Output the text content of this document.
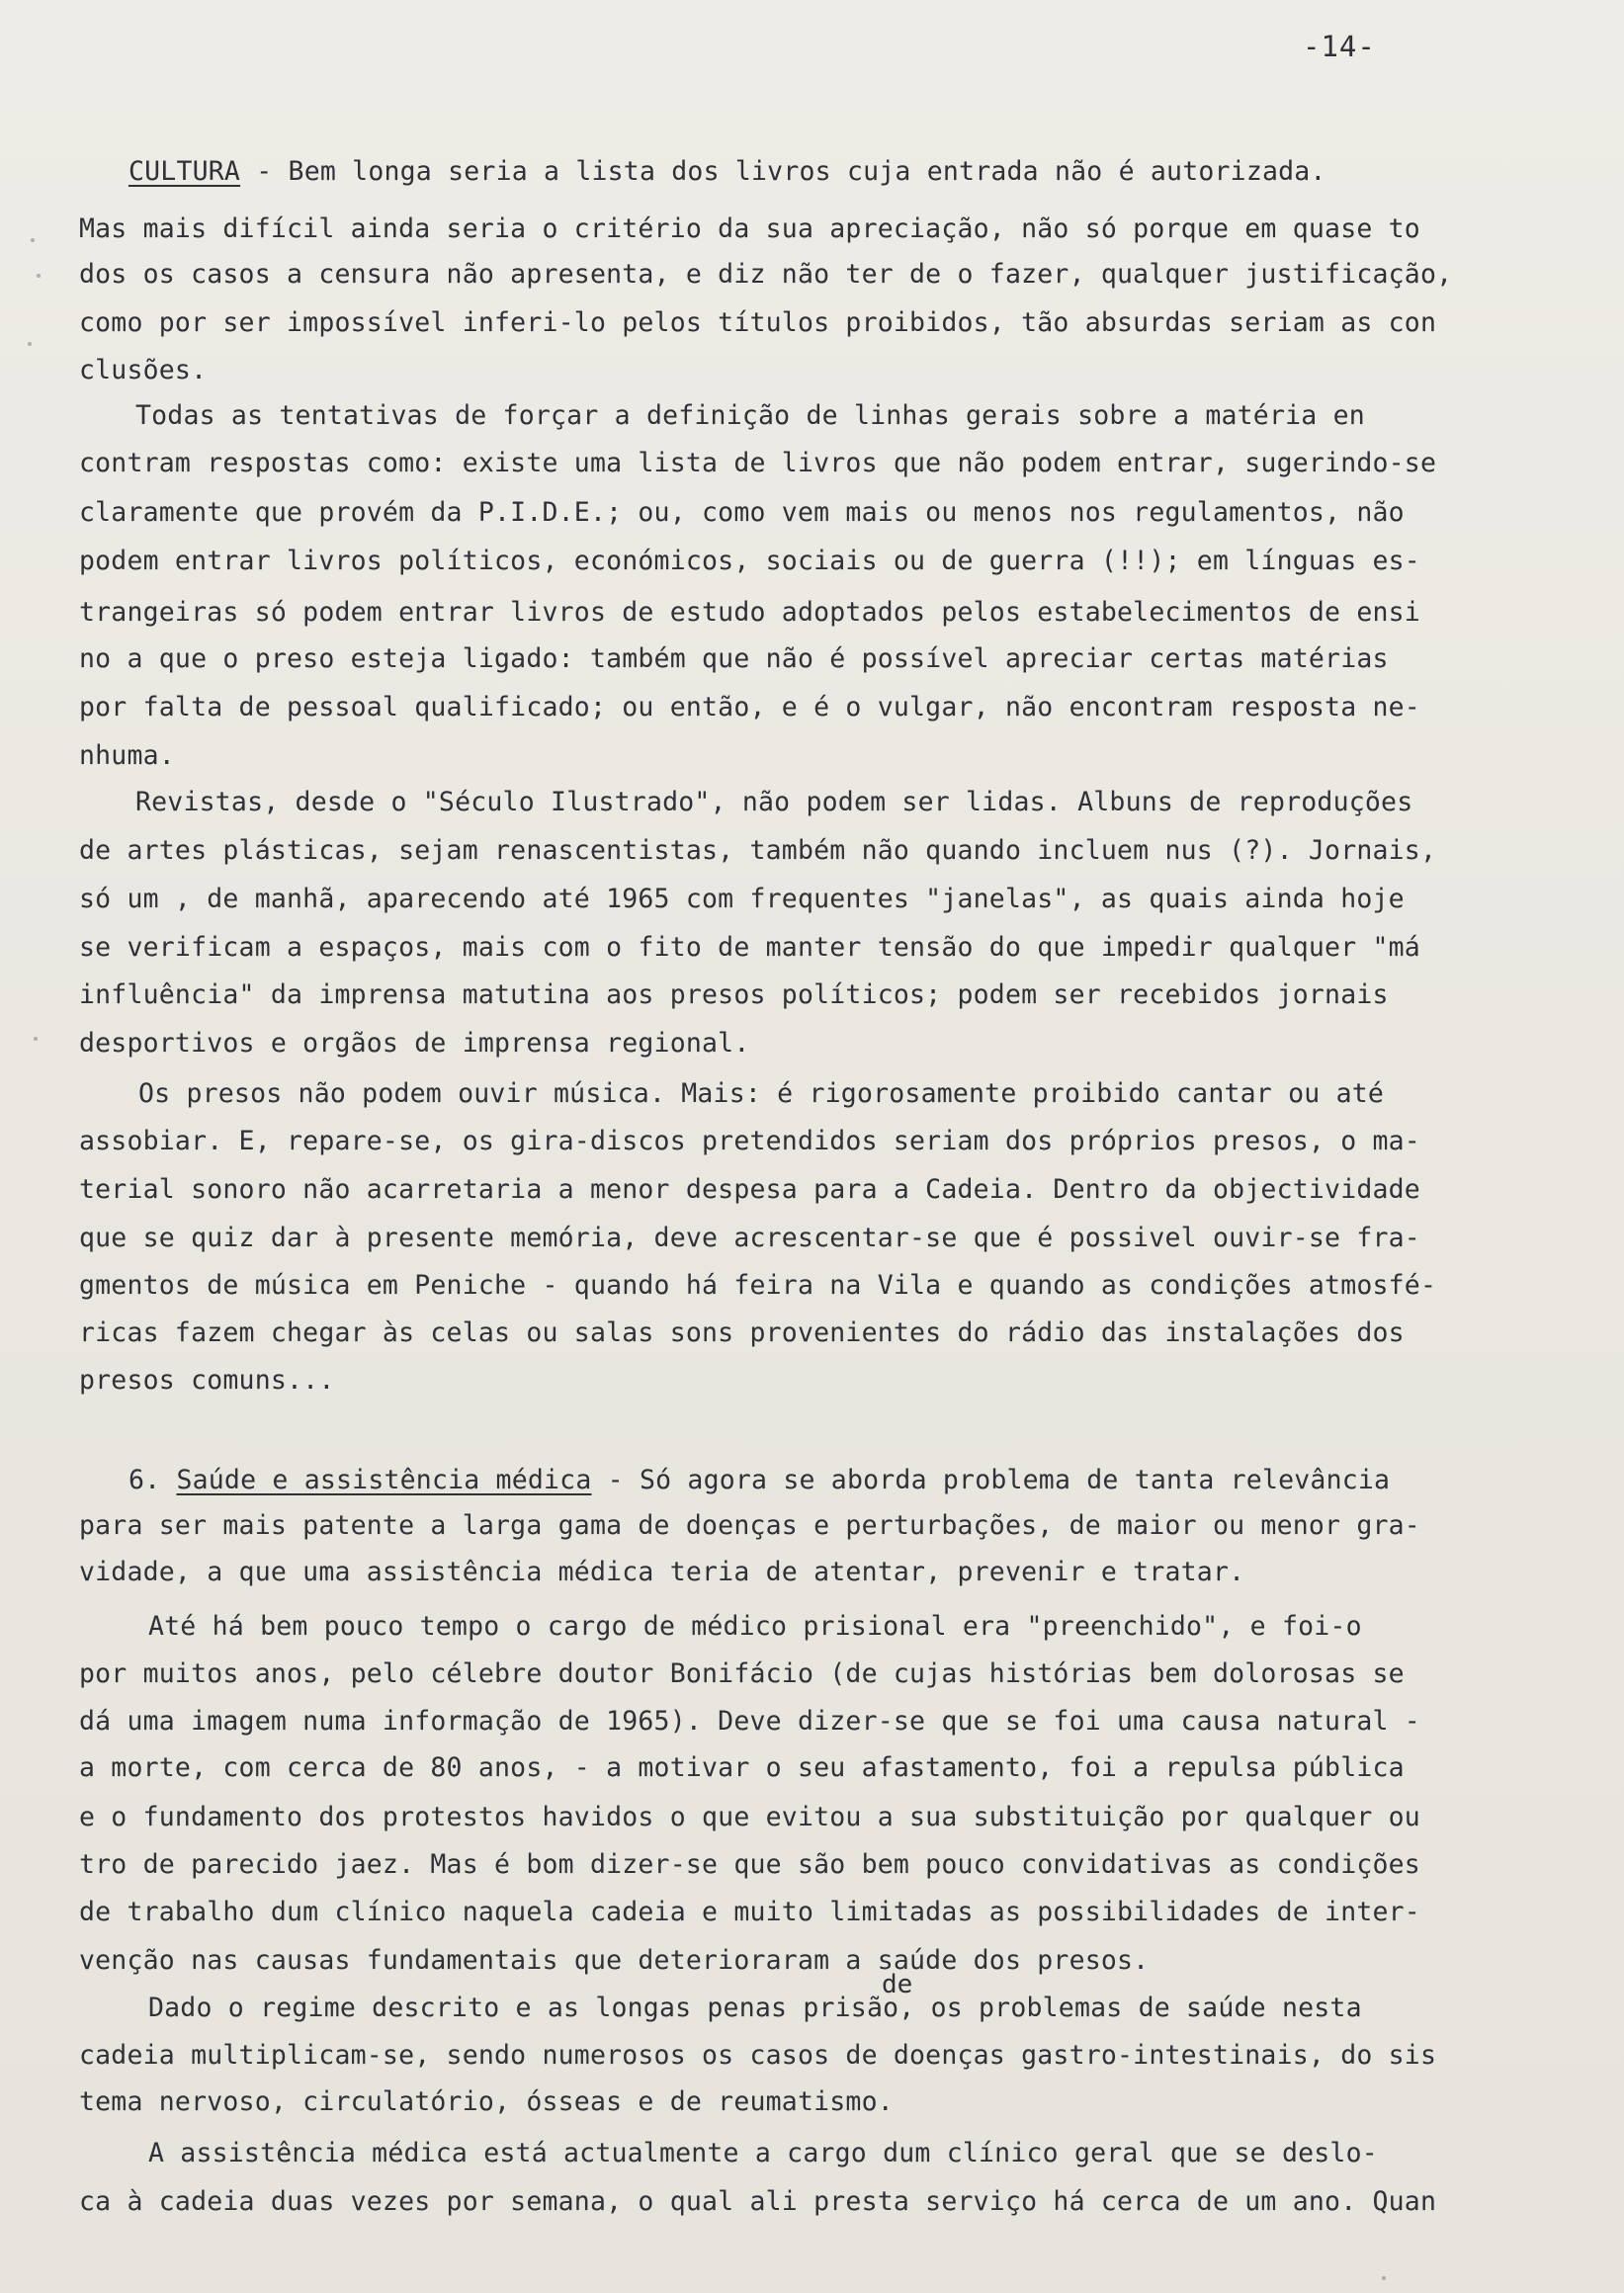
-14-
CULTURA - Bem longa seria a lista dos livros cuja entrada não é autorizada.
Mas mais difícil ainda seria o critério da sua apreciação, não só porque em quase to
dos os casos a censura não apresenta, e diz não ter de o fazer, qualquer justificação,
como por ser impossível inferi-lo pelos títulos proibidos, tão absurdas seriam as con
clusões.
Todas as tentativas de forçar a definição de linhas gerais sobre a matéria en
contram respostas como: existe uma lista de livros que não podem entrar, sugerindo-se
claramente que provém da P.I.D.E.; ou, como vem mais ou menos nos regulamentos, não
podem entrar livros políticos, económicos, sociais ou de guerra (!!); em línguas es-
trangeiras só podem entrar livros de estudo adoptados pelos estabelecimentos de ensi
no a que o preso esteja ligado: também que não é possível apreciar certas matérias
por falta de pessoal qualificado; ou então, e é o vulgar, não encontram resposta ne-
nhuma.
Revistas, desde o "Século Ilustrado", não podem ser lidas. Albuns de reproduções
de artes plásticas, sejam renascentistas, também não quando incluem nus (?). Jornais,
só um , de manhã, aparecendo até 1965 com frequentes "janelas", as quais ainda hoje
se verificam a espaços, mais com o fito de manter tensão do que impedir qualquer "má
influência" da imprensa matutina aos presos políticos; podem ser recebidos jornais
desportivos e orgãos de imprensa regional.
Os presos não podem ouvir música. Mais: é rigorosamente proibido cantar ou até
assobiar. E, repare-se, os gira-discos pretendidos seriam dos próprios presos, o ma-
terial sonoro não acarretaria a menor despesa para a Cadeia. Dentro da objectividade
que se quiz dar à presente memória, deve acrescentar-se que é possivel ouvir-se fra-
gmentos de música em Peniche - quando há feira na Vila e quando as condições atmosfé-
ricas fazem chegar às celas ou salas sons provenientes do rádio das instalações dos
presos comuns...
6. Saúde e assistência médica - Só agora se aborda problema de tanta relevância
para ser mais patente a larga gama de doenças e perturbações, de maior ou menor gra-
vidade, a que uma assistência médica teria de atentar, prevenir e tratar.
Até há bem pouco tempo o cargo de médico prisional era "preenchido", e foi-o
por muitos anos, pelo célebre doutor Bonifácio (de cujas histórias bem dolorosas se
dá uma imagem numa informação de 1965). Deve dizer-se que se foi uma causa natural -
a morte, com cerca de 80 anos, - a motivar o seu afastamento, foi a repulsa pública
e o fundamento dos protestos havidos o que evitou a sua substituição por qualquer ou
tro de parecido jaez. Mas é bom dizer-se que são bem pouco convidativas as condições
de trabalho dum clínico naquela cadeia e muito limitadas as possibilidades de inter-
venção nas causas fundamentais que deterioraram a saúde dos presos.
Dado o regime descrito e as longas penas prisão, os problemas de saúde nesta
cadeia multiplicam-se, sendo numerosos os casos de doenças gastro-intestinais, do sis
tema nervoso, circulatório, ósseas e de reumatismo.
A assistência médica está actualmente a cargo dum clínico geral que se deslo-
ca à cadeia duas vezes por semana, o qual ali presta serviço há cerca de um ano. Quan
de
